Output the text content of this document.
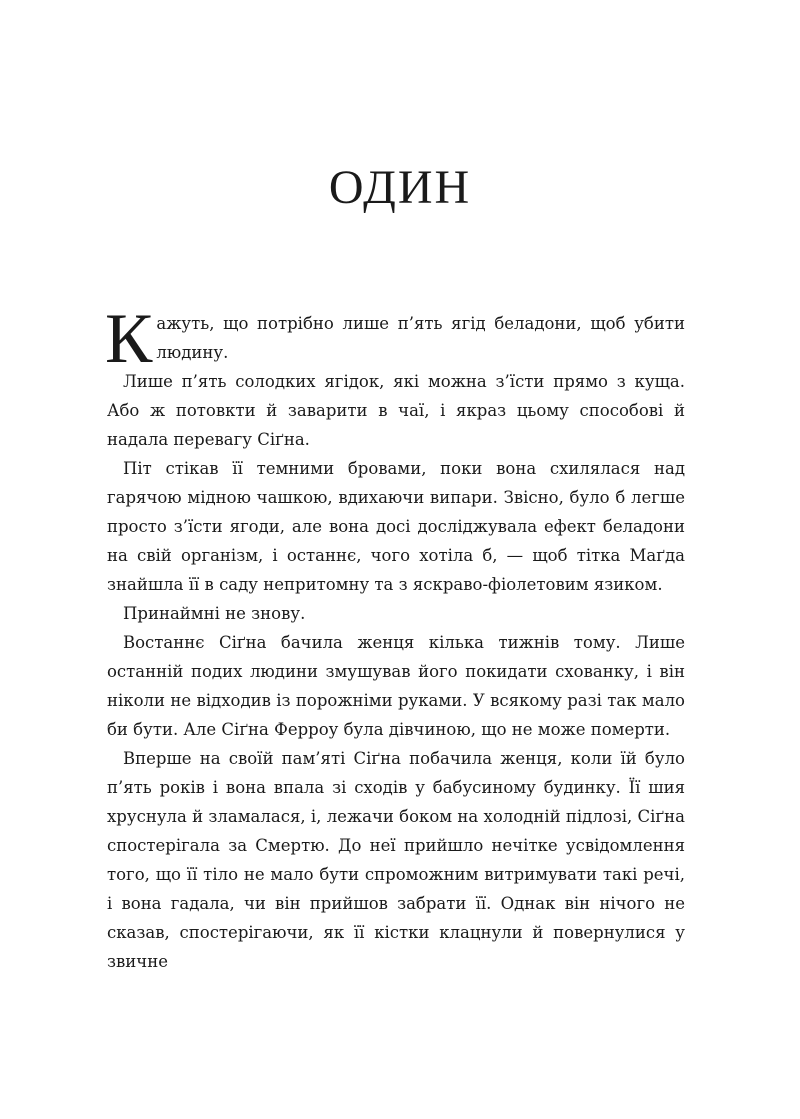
ОДИН

Кажуть, що потрібно лише п’ять ягід беладони, щоб убити людину.

Лише п’ять солодких ягідок, які можна з’їсти прямо з куща. Або ж потовкти й заварити в чаї, і якраз цьому способові й надала перевагу Сіґна.

Піт стікав її темними бровами, поки вона схилялася над гарячою мідною чашкою, вдихаючи випари. Звісно, було б легше просто з’їсти ягоди, але вона досі досліджувала ефект беладони на свій організм, і останнє, чого хотіла б, — щоб тітка Маґда знайшла її в саду непритомну та з яскраво-фіолетовим язиком.

Принаймні не знову.

Востаннє Сіґна бачила женця кілька тижнів тому. Лише останній подих людини змушував його покидати схованку, і він ніколи не відходив із порожніми руками. У всякому разі так мало би бути. Але Сіґна Ферроу була дівчиною, що не може померти.

Вперше на своїй пам’яті Сіґна побачила женця, коли їй було п’ять років і вона впала зі сходів у бабусиному будинку. Її шия хруснула й зламалася, і, лежачи боком на холодній підлозі, Сіґна спостерігала за Смертю. До неї прийшло нечітке усвідомлення того, що її тіло не мало бути спроможним витримувати такі речі, і вона гадала, чи він прийшов забрати її. Однак він нічого не сказав, спостерігаючи, як її кістки клацнули й повернулися у звичне
